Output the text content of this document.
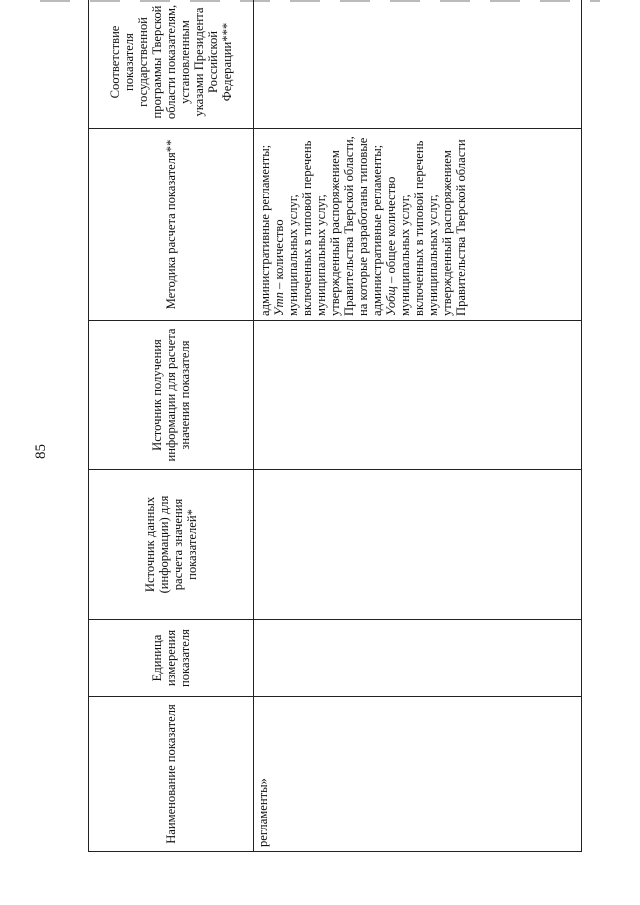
85
Наименование показателя	Единица измерения показателя	Источник данных (информации) для расчета значения показателей*	Источник получения информации для расчета значения показателя	Методика расчета показателя**	Соответствие показателя государственной программы Тверской области показателям, установленным указами Президента Российской Федерации***
регламенты»				административные регламенты; Утп – количество муниципальных услуг, включенных в типовой перечень муниципальных услуг, утвержденный распоряжением Правительства Тверской области, на которые разработаны типовые административные регламенты; Уобщ – общее количество муниципальных услуг, включенных в типовой перечень муниципальных услуг, утвержденный распоряжением Правительства Тверской области	
